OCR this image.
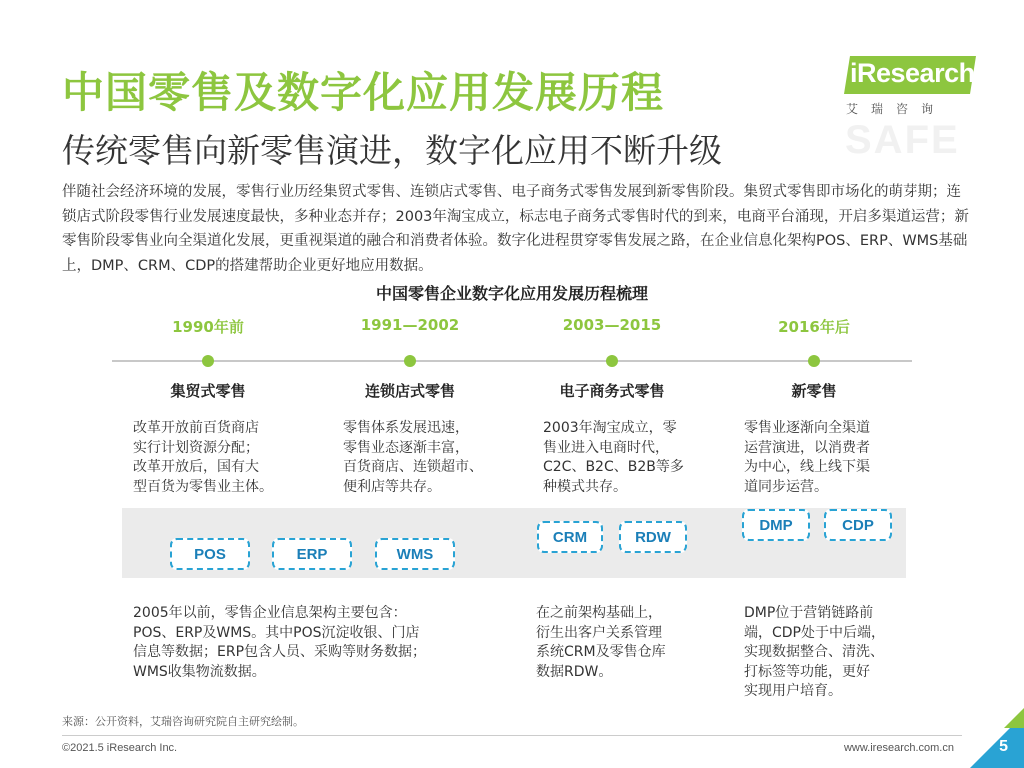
中国零售及数字化应用发展历程
传统零售向新零售演进，数字化应用不断升级	SAFE
iResearch
艾瑞咨询
伴随社会经济环境的发展，零售行业历经集贸式零售、连锁店式零售、电子商务式零售发展到新零售阶段。集贸式零售即市场化的萌芽期；连锁店式阶段零售行业发展速度最快，多种业态并存；2003年淘宝成立，标志电子商务式零售时代的到来，电商平台涌现，开启多渠道运营；新零售阶段零售业向全渠道化发展，更重视渠道的融合和消费者体验。数字化进程贯穿零售发展之路，在企业信息化架构POS、ERP、WMS基础上，DMP、CRM、CDP的搭建帮助企业更好地应用数据。
中国零售企业数字化应用发展历程梳理
1990年前	1991—2002	2003—2015	2016年后
集贸式零售	连锁店式零售	电子商务式零售	新零售
改革开放前百货商店
实行计划资源分配；
改革开放后，国有大
型百货为零售业主体。
零售体系发展迅速，
零售业态逐渐丰富，
百货商店、连锁超市、
便利店等共存。
2003年淘宝成立，零
售业进入电商时代，
C2C、B2C、B2B等多
种模式共存。
零售业逐渐向全渠道
运营演进，以消费者
为中心，线上线下渠
道同步运营。
POS	ERP	WMS
CRM	RDW
DMP	CDP
2005年以前，零售企业信息架构主要包含：
POS、ERP及WMS。其中POS沉淀收银、门店
信息等数据；ERP包含人员、采购等财务数据；
WMS收集物流数据。
在之前架构基础上，
衍生出客户关系管理
系统CRM及零售仓库
数据RDW。
DMP位于营销链路前
端，CDP处于中后端，
实现数据整合、清洗、
打标签等功能，更好
实现用户培育。
来源：公开资料，艾瑞咨询研究院自主研究绘制。
©2021.5 iResearch Inc.	www.iresearch.com.cn	5
